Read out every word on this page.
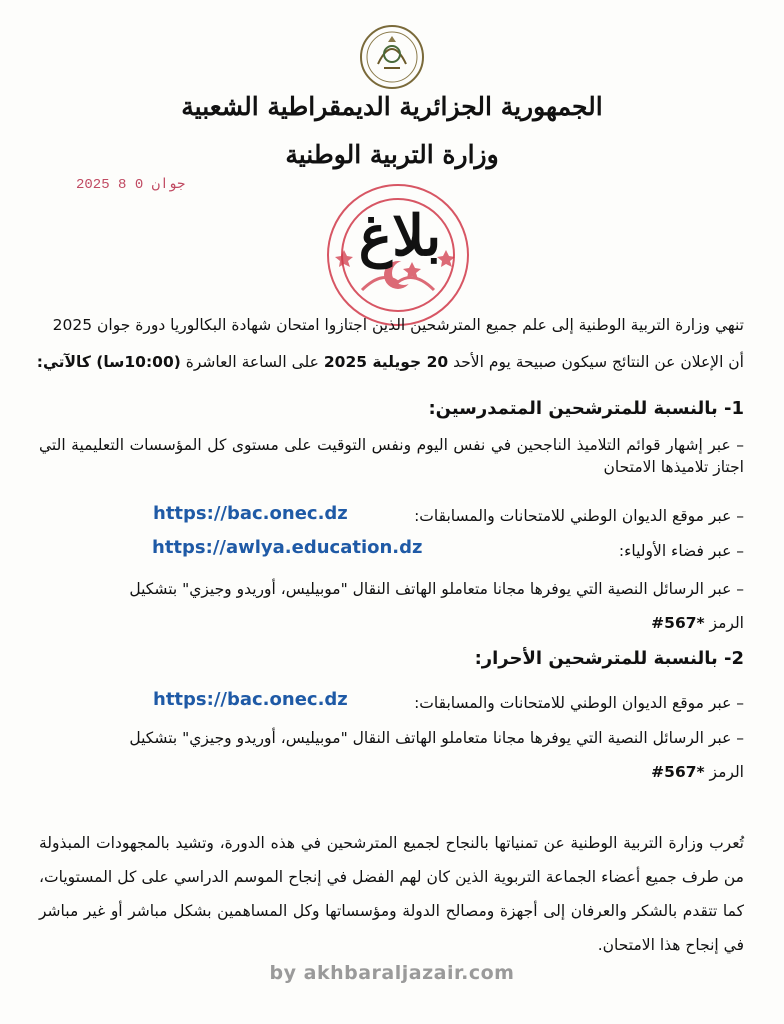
الجمهورية الجزائرية الديمقراطية الشعبية
وزارة التربية الوطنية
2025 جوان 0 8
بلاغ
تنهي وزارة التربية الوطنية إلى علم جميع المترشحين الذين اجتازوا امتحان شهادة البكالوريا دورة جوان 2025
أن الإعلان عن النتائج سيكون صبيحة يوم الأحد 20 جويلية 2025 على الساعة العاشرة (10:00سا) كالآتي:
1- بالنسبة للمترشحين المتمدرسين:
– عبر إشهار قوائم التلاميذ الناجحين في نفس اليوم ونفس التوقيت على مستوى كل المؤسسات التعليمية التي اجتاز تلاميذها الامتحان
– عبر موقع الديوان الوطني للامتحانات والمسابقات:
https://bac.onec.dz
– عبر فضاء الأولياء:
https://awlya.education.dz
– عبر الرسائل النصية التي يوفرها مجانا متعاملو الهاتف النقال "موبيليس، أوريدو وجيزي" بتشكيل
الرمز #567*
2- بالنسبة للمترشحين الأحرار:
– عبر موقع الديوان الوطني للامتحانات والمسابقات:
https://bac.onec.dz
– عبر الرسائل النصية التي يوفرها مجانا متعاملو الهاتف النقال "موبيليس، أوريدو وجيزي" بتشكيل
الرمز #567*
تُعرب وزارة التربية الوطنية عن تمنياتها بالنجاح لجميع المترشحين في هذه الدورة، وتشيد بالمجهودات المبذولة من طرف جميع أعضاء الجماعة التربوية الذين كان لهم الفضل في إنجاح الموسم الدراسي على كل المستويات، كما تتقدم بالشكر والعرفان إلى أجهزة ومصالح الدولة ومؤسساتها وكل المساهمين بشكل مباشر أو غير مباشر في إنجاح هذا الامتحان.
by akhbaraljazair.com
